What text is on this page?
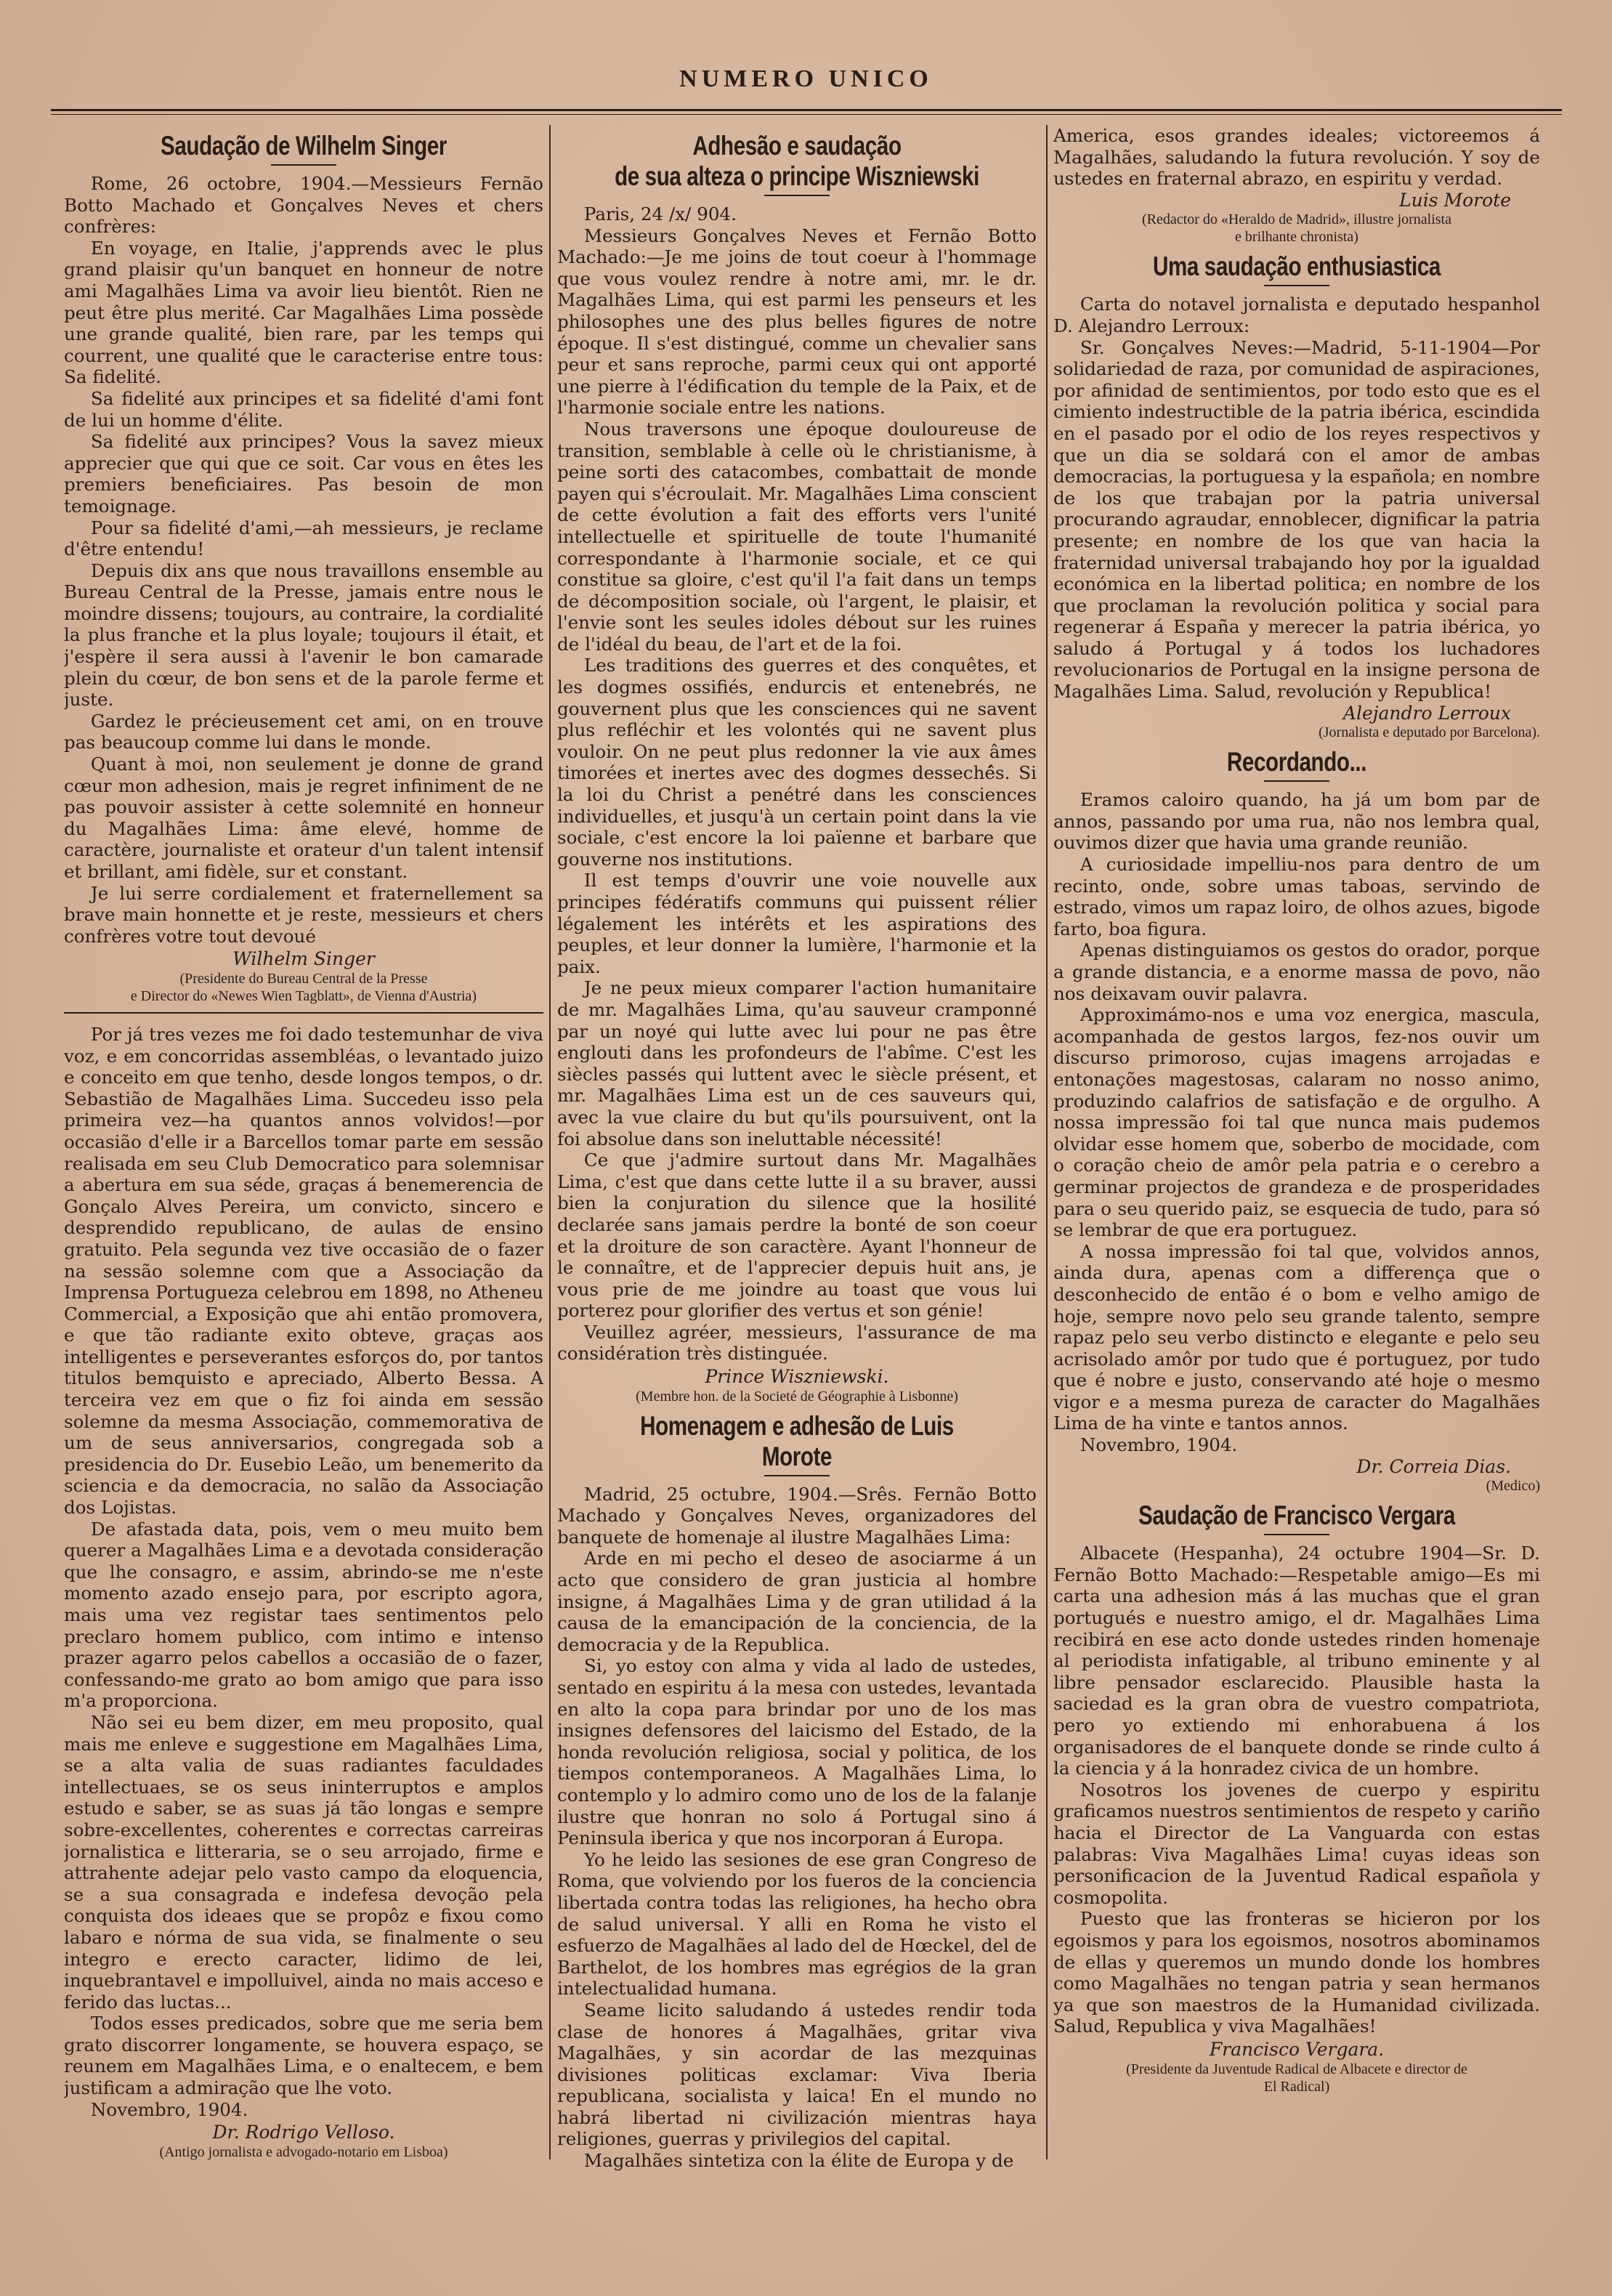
NUMERO UNICO
Saudação de Wilhelm Singer

Rome, 26 octobre, 1904.—Messieurs Fernão Botto Machado et Gonçalves Neves et chers confrères:

En voyage, en Italie, j'apprends avec le plus grand plaisir qu'un banquet en honneur de notre ami Magalhães Lima va avoir lieu bientôt. Rien ne peut être plus merité. Car Magalhães Lima possède une grande qualité, bien rare, par les temps qui courrent, une qualité que le caracterise entre tous: Sa fidelité.

Sa fidelité aux principes et sa fidelité d'ami font de lui un homme d'élite.

Sa fidelité aux principes? Vous la savez mieux apprecier que qui que ce soit. Car vous en êtes les premiers beneficiaires. Pas besoin de mon temoignage.

Pour sa fidelité d'ami,—ah messieurs, je reclame d'être entendu!

Depuis dix ans que nous travaillons ensemble au Bureau Central de la Presse, jamais entre nous le moindre dissens; toujours, au contraire, la cordialité la plus franche et la plus loyale; toujours il était, et j'espère il sera aussi à l'avenir le bon camarade plein du cœur, de bon sens et de la parole ferme et juste.

Gardez le précieusement cet ami, on en trouve pas beaucoup comme lui dans le monde.

Quant à moi, non seulement je donne de grand cœur mon adhesion, mais je regret infiniment de ne pas pouvoir assister à cette solemnité en honneur du Magalhães Lima: âme elevé, homme de caractère, journaliste et orateur d'un talent intensif et brillant, ami fidèle, sur et constant.

Je lui serre cordialement et fraternellement sa brave main honnette et je reste, messieurs et chers confrères votre tout devoué

Wilhelm Singer
(Presidente do Bureau Central de la Presse
e Director do «Newes Wien Tagblatt», de Vienna d'Austria)

Por já tres vezes me foi dado testemunhar de viva voz, e em concorridas assembléas, o levantado juizo e conceito em que tenho, desde longos tempos, o dr. Sebastião de Magalhães Lima. Succedeu isso pela primeira vez—ha quantos annos volvidos!—por occasião d'elle ir a Barcellos tomar parte em sessão realisada em seu Club Democratico para solemnisar a abertura em sua séde, graças á benemerencia de Gonçalo Alves Pereira, um convicto, sincero e desprendido republicano, de aulas de ensino gratuito. Pela segunda vez tive occasião de o fazer na sessão solemne com que a Associação da Imprensa Portugueza celebrou em 1898, no Atheneu Commercial, a Exposição que ahi então promovera, e que tão radiante exito obteve, graças aos intelligentes e perseverantes esforços do, por tantos titulos bemquisto e apreciado, Alberto Bessa. A terceira vez em que o fiz foi ainda em sessão solemne da mesma Associação, commemorativa de um de seus anniversarios, congregada sob a presidencia do Dr. Eusebio Leão, um benemerito da sciencia e da democracia, no salão da Associação dos Lojistas.

De afastada data, pois, vem o meu muito bem querer a Magalhães Lima e a devotada consideração que lhe consagro, e assim, abrindo-se me n'este momento azado ensejo para, por escripto agora, mais uma vez registar taes sentimentos pelo preclaro homem publico, com intimo e intenso prazer agarro pelos cabellos a occasião de o fazer, confessando-me grato ao bom amigo que para isso m'a proporciona.

Não sei eu bem dizer, em meu proposito, qual mais me enleve e suggestione em Magalhães Lima, se a alta valia de suas radiantes faculdades intellectuaes, se os seus ininterruptos e amplos estudo e saber, se as suas já tão longas e sempre sobre-excellentes, coherentes e correctas carreiras jornalistica e litteraria, se o seu arrojado, firme e attrahente adejar pelo vasto campo da eloquencia, se a sua consagrada e indefesa devoção pela conquista dos ideaes que se propôz e fixou como labaro e nórma de sua vida, se finalmente o seu integro e erecto caracter, lidimo de lei, inquebrantavel e impolluivel, ainda no mais acceso e ferido das luctas...

Todos esses predicados, sobre que me seria bem grato discorrer longamente, se houvera espaço, se reunem em Magalhães Lima, e o enaltecem, e bem justificam a admiração que lhe voto.

Novembro, 1904.

Dr. Rodrigo Velloso.
(Antigo jornalista e advogado-notario em Lisboa)
Adhesão e saudação
de sua alteza o principe Wiszniewski

Paris, 24 /x/ 904.

Messieurs Gonçalves Neves et Fernão Botto Machado:—Je me joins de tout coeur à l'hommage que vous voulez rendre à notre ami, mr. le dr. Magalhães Lima, qui est parmi les penseurs et les philosophes une des plus belles figures de notre époque. Il s'est distingué, comme un chevalier sans peur et sans reproche, parmi ceux qui ont apporté une pierre à l'édification du temple de la Paix, et de l'harmonie sociale entre les nations.

Nous traversons une époque douloureuse de transition, semblable à celle où le christianisme, à peine sorti des catacombes, combattait de monde payen qui s'écroulait. Mr. Magalhães Lima conscient de cette évolution a fait des efforts vers l'unité intellectuelle et spirituelle de toute l'humanité correspondante à l'harmonie sociale, et ce qui constitue sa gloire, c'est qu'il l'a fait dans un temps de décomposition sociale, où l'argent, le plaisir, et l'envie sont les seules idoles débout sur les ruines de l'idéal du beau, de l'art et de la foi.

Les traditions des guerres et des conquêtes, et les dogmes ossifiés, endurcis et entenebrés, ne gouvernent plus que les consciences qui ne savent plus refléchir et les volontés qui ne savent plus vouloir. On ne peut plus redonner la vie aux âmes timorées et inertes avec des dogmes desseché̂s. Si la loi du Christ a penétré dans les consciences individuelles, et jusqu'à un certain point dans la vie sociale, c'est encore la loi païenne et barbare que gouverne nos institutions.

Il est temps d'ouvrir une voie nouvelle aux principes fédératifs communs qui puissent rélier légalement les intérêts et les aspirations des peuples, et leur donner la lumière, l'harmonie et la paix.

Je ne peux mieux comparer l'action humanitaire de mr. Magalhães Lima, qu'au sauveur cramponné par un noyé qui lutte avec lui pour ne pas être englouti dans les profondeurs de l'abîme. C'est les siècles passés qui luttent avec le siècle présent, et mr. Magalhães Lima est un de ces sauveurs qui, avec la vue claire du but qu'ils poursuivent, ont la foi absolue dans son ineluttable nécessité!

Ce que j'admire surtout dans Mr. Magalhães Lima, c'est que dans cette lutte il a su braver, aussi bien la conjuration du silence que la hosilité declarée sans jamais perdre la bonté de son coeur et la droiture de son caractère. Ayant l'honneur de le connaître, et de l'apprecier depuis huit ans, je vous prie de me joindre au toast que vous lui porterez pour glorifier des vertus et son génie!

Veuillez agréer, messieurs, l'assurance de ma considération très distinguée.

Prince Wiszniewski.
(Membre hon. de la Societé de Géographie à Lisbonne)
Homenagem e adhesão de Luis Morote

Madrid, 25 octubre, 1904.—Srês. Fernão Botto Machado y Gonçalves Neves, organizadores del banquete de homenaje al ilustre Magalhães Lima:

Arde en mi pecho el deseo de asociarme á un acto que considero de gran justicia al hombre insigne, á Magalhães Lima y de gran utilidad á la causa de la emancipación de la conciencia, de la democracia y de la Republica.

Si, yo estoy con alma y vida al lado de ustedes, sentado en espiritu á la mesa con ustedes, levantada en alto la copa para brindar por uno de los mas insignes defensores del laicismo del Estado, de la honda revolución religiosa, social y politica, de los tiempos contemporaneos. A Magalhães Lima, lo contemplo y lo admiro como uno de los de la falanje ilustre que honran no solo á Portugal sino á Peninsula iberica y que nos incorporan á Europa.

Yo he leido las sesiones de ese gran Congreso de Roma, que volviendo por los fueros de la conciencia libertada contra todas las religiones, ha hecho obra de salud universal. Y alli en Roma he visto el esfuerzo de Magalhães al lado del de Hœckel, del de Barthelot, de los hombres mas egrégios de la gran intelectualidad humana.

Seame licito saludando á ustedes rendir toda clase de honores á Magalhães, gritar viva Magalhães, y sin acordar de las mezquinas divisiones politicas exclamar: Viva Iberia republicana, socialista y laica! En el mundo no habrá libertad ni civilización mientras haya religiones, guerras y privilegios del capital.

Magalhães sintetiza con la élite de Europa y de

America, esos grandes ideales; victoreemos á Magalhães, saludando la futura revolución. Y soy de ustedes en fraternal abrazo, en espiritu y verdad.

Luis Morote
(Redactor do «Heraldo de Madrid», illustre jornalista
e brilhante chronista)
Uma saudação enthusiastica

Carta do notavel jornalista e deputado hespanhol D. Alejandro Lerroux:

Sr. Gonçalves Neves:—Madrid, 5-11-1904—Por solidariedad de raza, por comunidad de aspiraciones, por afinidad de sentimientos, por todo esto que es el cimiento indestructible de la patria ibérica, escindida en el pasado por el odio de los reyes respectivos y que un dia se soldará con el amor de ambas democracias, la portuguesa y la española; en nombre de los que trabajan por la patria universal procurando agraudar, ennoblecer, dignificar la patria presente; en nombre de los que van hacia la fraternidad universal trabajando hoy por la igualdad económica en la libertad politica; en nombre de los que proclaman la revolución politica y social para regenerar á España y merecer la patria ibérica, yo saludo á Portugal y á todos los luchadores revolucionarios de Portugal en la insigne persona de Magalhães Lima. Salud, revolución y Republica!

Alejandro Lerroux
(Jornalista e deputado por Barcelona).
Recordando...

Eramos caloiro quando, ha já um bom par de annos, passando por uma rua, não nos lembra qual, ouvimos dizer que havia uma grande reunião.

A curiosidade impelliu-nos para dentro de um recinto, onde, sobre umas taboas, servindo de estrado, vimos um rapaz loiro, de olhos azues, bigode farto, boa figura.

Apenas distinguiamos os gestos do orador, porque a grande distancia, e a enorme massa de povo, não nos deixavam ouvir palavra.

Approximámo-nos e uma voz energica, mascula, acompanhada de gestos largos, fez-nos ouvir um discurso primoroso, cujas imagens arrojadas e entonações magestosas, calaram no nosso animo, produzindo calafrios de satisfação e de orgulho. A nossa impressão foi tal que nunca mais pudemos olvidar esse homem que, soberbo de mocidade, com o coração cheio de amôr pela patria e o cerebro a germinar projectos de grandeza e de prosperidades para o seu querido paiz, se esquecia de tudo, para só se lembrar de que era portuguez.

A nossa impressão foi tal que, volvidos annos, ainda dura, apenas com a differença que o desconhecido de então é o bom e velho amigo de hoje, sempre novo pelo seu grande talento, sempre rapaz pelo seu verbo distincto e elegante e pelo seu acrisolado amôr por tudo que é portuguez, por tudo que é nobre e justo, conservando até hoje o mesmo vigor e a mesma pureza de caracter do Magalhães Lima de ha vinte e tantos annos.

Novembro, 1904.

Dr. Correia Dias.
(Medico)
Saudação de Francisco Vergara

Albacete (Hespanha), 24 octubre 1904—Sr. D. Fernão Botto Machado:—Respetable amigo—Es mi carta una adhesion más á las muchas que el gran portugués e nuestro amigo, el dr. Magalhães Lima recibirá en ese acto donde ustedes rinden homenaje al periodista infatigable, al tribuno eminente y al libre pensador esclarecido. Plausible hasta la saciedad es la gran obra de vuestro compatriota, pero yo extiendo mi enhorabuena á los organisadores de el banquete donde se rinde culto á la ciencia y á la honradez civica de un hombre.

Nosotros los jovenes de cuerpo y espiritu graficamos nuestros sentimientos de respeto y cariño hacia el Director de La Vanguarda con estas palabras: Viva Magalhães Lima! cuyas ideas son personificacion de la Juventud Radical española y cosmopolita.

Puesto que las fronteras se hicieron por los egoismos y para los egoismos, nosotros abominamos de ellas y queremos un mundo donde los hombres como Magalhães no tengan patria y sean hermanos ya que son maestros de la Humanidad civilizada. Salud, Republica y viva Magalhães!

Francisco Vergara.
(Presidente da Juventude Radical de Albacete e director de
El Radical)
